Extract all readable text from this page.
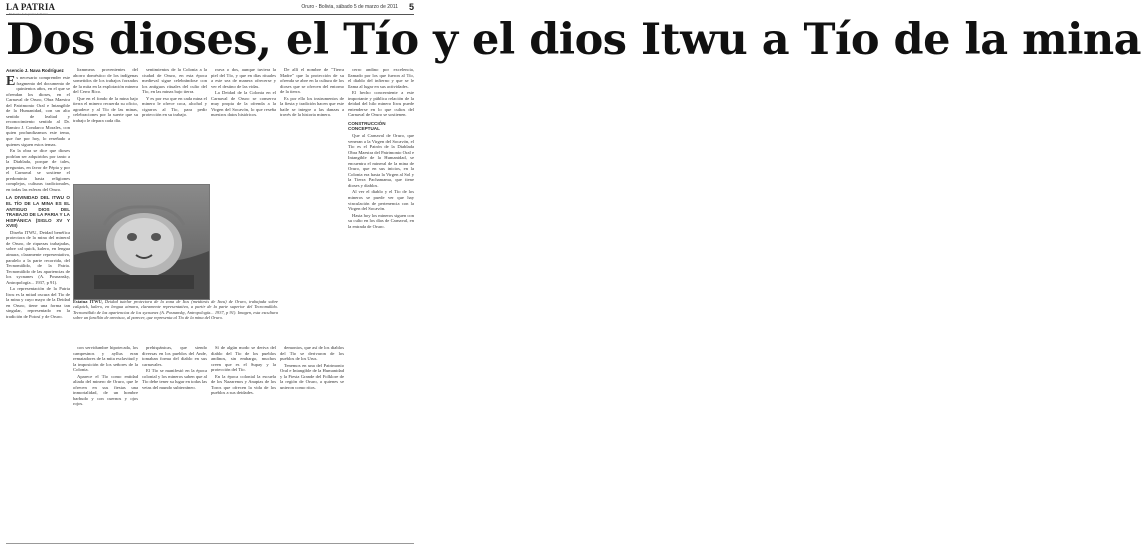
LA PATRIA
El decano de la prensa boliviana
Oruro - Bolivia, sábado 5 de marzo de 2011 5
Dos dioses, el Tío y el dios Itwu a Tío de la mina
Asencio J. Nava Rodríguez
E s necesario comprender este fragmento del documento de quinientos años, en el que se ofrendan los dioses, en el Carnaval de Oruro, Obra Maestra del Patrimonio Oral e Intangible de la Humanidad, con un alto sentido de lealtad y reconocimiento sentido al Dr. Ramiro J. Condarco Morales, con quien profundizamos este tema, que fue por hoy, lo reseñado a quienes siguen estos temas.

En la obra se dice que dioses podrían ser adquiridos por tanto a la Diablada, porque de tales, preguntas, en favor de Pépta y por el Carnaval se sostiene el predominio hasta religiones complejas, culturas tradicionales, en todas las esferas del Oruro.

LA DIVINIDAD DEL ITWU O EL TÍO DE LA MINA ES EL ANTIGUO DIOS DEL TRABAJO DE LA PARIA Y LA HISPÁNICA (SIGLO XV Y XVIII)

Diseña ITWU, Deidad benéfica protectora de la mina del mineral de Oruro, de riquezas trabajadas, sobre cal quick, kalero, en lengua aimara, claramente representativa, paralelo a la parte recorrida, del Tecnomálido, de la Patria. Tecnomálido de las apariencias de los sycnanes (A. Posnansky, Antropología... 1937, p 91).

La representación de la Patria Itwu es la mitad oscura del Tío de la mina y cuyo mayo de la Deidad en Oruro, tiene una forma tan singular, representado en la tradición de Potosí y de Oruro.

lizmmeas provenientes del ahorro doméstico de los indígenas sometidos de los trabajos forzados de la mita en la explotación minera del Cerro Rico.

Que en el fondo de la mina bajo tierra el minero recuerda su oficio, agradece y al Tío de las minas, celebraciones por la suerte que su trabajo le depara cada día.

sentimientos de la Colonia a la ciudad de Oruro, en esta época medieval sigue celebrándose con los antiguos rituales del culto del Tío, en las minas bajo tierra.

Y es por eso que en cada mina el minero le ofrece coca, alcohol y cigarros al Tío, para pedir protección en su trabajo.

rrava o dos, aunque tuviera la piel del Tío, y que en días rituales a este sea de manera ofrecerse y ver el destino de las vidas.

La Deidad de la Colonia en el Carnaval de Oruro se conserva muy propia de la ofrenda a la Virgen del Socavón, lo que reseña nuestros datos históricos.

De allí el nombre de "Tierra Madre" que la protección de su ofrenda se abre en la cultura de los dioses que se ofrecen del entorno de la tierra.

Es por ello los instrumentos de la fiesta y tradición hacen que este baile se integre a las danzas a través de la historia minera.

cerro andino por excelencia, llamado por los que fueron al Tío, el diablo del infierno y que se le llama al lugar en sus actividades.

El hecho concerniente a este importante y pública relación de la deidad del hilo minero Itwu puede entenderse en lo que cultos del Carnaval de Oruro se sostienen.

CONSTRUCCIÓN CONCEPTUAL

Que al Carnaval de Oruro, que veneran a la Virgen del Socavón, el Tío es el Patrón de la Diablada Obra Maestra del Patrimonio Oral e Intangible de la Humanidad, se encuentra el mineral de la mina de Oruro, que en sus inicios, en la Colonia era hasta la Virgen al Sol y la Tierra Pachamama, que tiene dioses y diablos.

Al ver el diablo y el Tío de los mineros se puede ver que hay vinculación de pertenencia con la Virgen del Socavón.

Hasta hoy los mineros siguen con su culto en los días de Carnaval, en la entrada de Oruro.

Estatua ITWU, Deidad tutelar protectora de la zona de Itos (metátesis de Itwu) de Oruro, trabajada sobre calquick, kalero, en lengua aimara, claramente representativa, a partir de la parte superior del Tecnomálido. Tecnomálido de las apariencias de los sycnanes (A. Posnansky, Antropología... 1937, p 91). Imagen, esta escultura sobre un farallón de arenisca, al parecer, que representa al Tío de la mina del Oruro.

con servidumbre hipotecada, los campesinos y ayllus eran rematadores de la mita esclavitud y la imposición de los señores de la Colonia.

Aparece el Tío como entidad aliada del minero de Oruro, que le ofrecen en sus fiestas una inmortalidad, de un hombre barbudo y con cuernos y ojos rojos.

prehispánicas, que siendo diversas en los pueblos del Ande, tomaban forma del diablo en sus carnavales.

El Tío se manifestó en la época colonial y los mineros saben que al Tío debe tener su lugar en todas las vetas del mundo subterráneo.

Sí de algún modo se deriva del diablo del Tío de los pueblos andinos, sin embargo, muchos creen que es el Supay y la protección del Tío.

En la época colonial la escuela de los Nazarenos y Anapias de los Toros que ofrecen la vida de los pueblos a sus deidades.

demonios, que así de los diablos del Tío se derivaron de los pueblos de los Urus.

Tenemos en una del Patrimonio Oral e Intangible de la Humanidad y la Fiesta Grande del Folklore de la región de Oruro, a quienes se unieron como ritos.
